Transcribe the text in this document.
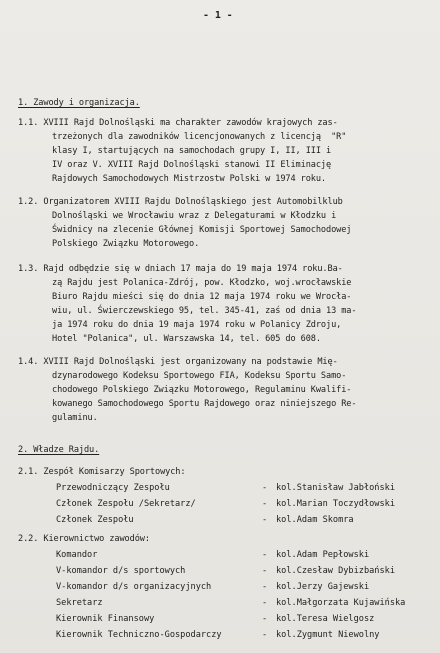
- 1 -
1. Zawody i organizacja.
1.1. XVIII Rajd Dolnośląski ma charakter zawodów krajowych zas-
trzeżonych dla zawodników licencjonowanych z licencją  "R"
klasy I, startujących na samochodach grupy I, II, III i
IV oraz V. XVIII Rajd Dolnośląski stanowi II Eliminację
Rajdowych Samochodowych Mistrzostw Polski w 1974 roku.
1.2. Organizatorem XVIII Rajdu Dolnośląskiego jest Automobilklub
Dolnośląski we Wrocławiu wraz z Delegaturami w Kłodzku i
Świdnicy na zlecenie Głównej Komisji Sportowej Samochodowej
Polskiego Związku Motorowego.
1.3. Rajd odbędzie się w dniach 17 maja do 19 maja 1974 roku.Ba-
zą Rajdu jest Polanica-Zdrój, pow. Kłodzko, woj.wrocławskie
Biuro Rajdu mieści się do dnia 12 maja 1974 roku we Wrocła-
wiu, ul. Świerczewskiego 95, tel. 345-41, zaś od dnia 13 ma-
ja 1974 roku do dnia 19 maja 1974 roku w Polanicy Zdroju,
Hotel "Polanica", ul. Warszawska 14, tel. 605 do 608.
1.4. XVIII Rajd Dolnośląski jest organizowany na podstawie Mię-
dzynarodowego Kodeksu Sportowego FIA, Kodeksu Sportu Samo-
chodowego Polskiego Związku Motorowego, Regulaminu Kwalifi-
kowanego Samochodowego Sportu Rajdowego oraz niniejszego Re-
gulaminu.
2. Władze Rajdu.
2.1. Zespół Komisarzy Sportowych:
Przewodniczący Zespołu	- kol.Stanisław Jabłoński
Członek Zespołu /Sekretarz/	- kol.Marian Toczydłowski
Członek Zespołu	- kol.Adam Skomra
2.2. Kierownictwo zawodów:
Komandor	- kol.Adam Pepłowski
V-komandor d/s sportowych	- kol.Czesław Dybizbański
V-komandor d/s organizacyjnych	- kol.Jerzy Gajewski
Sekretarz	- kol.Małgorzata Kujawińska
Kierownik Finansowy	- kol.Teresa Wielgosz
Kierownik Techniczno-Gospodarczy	- kol.Zygmunt Niewolny
